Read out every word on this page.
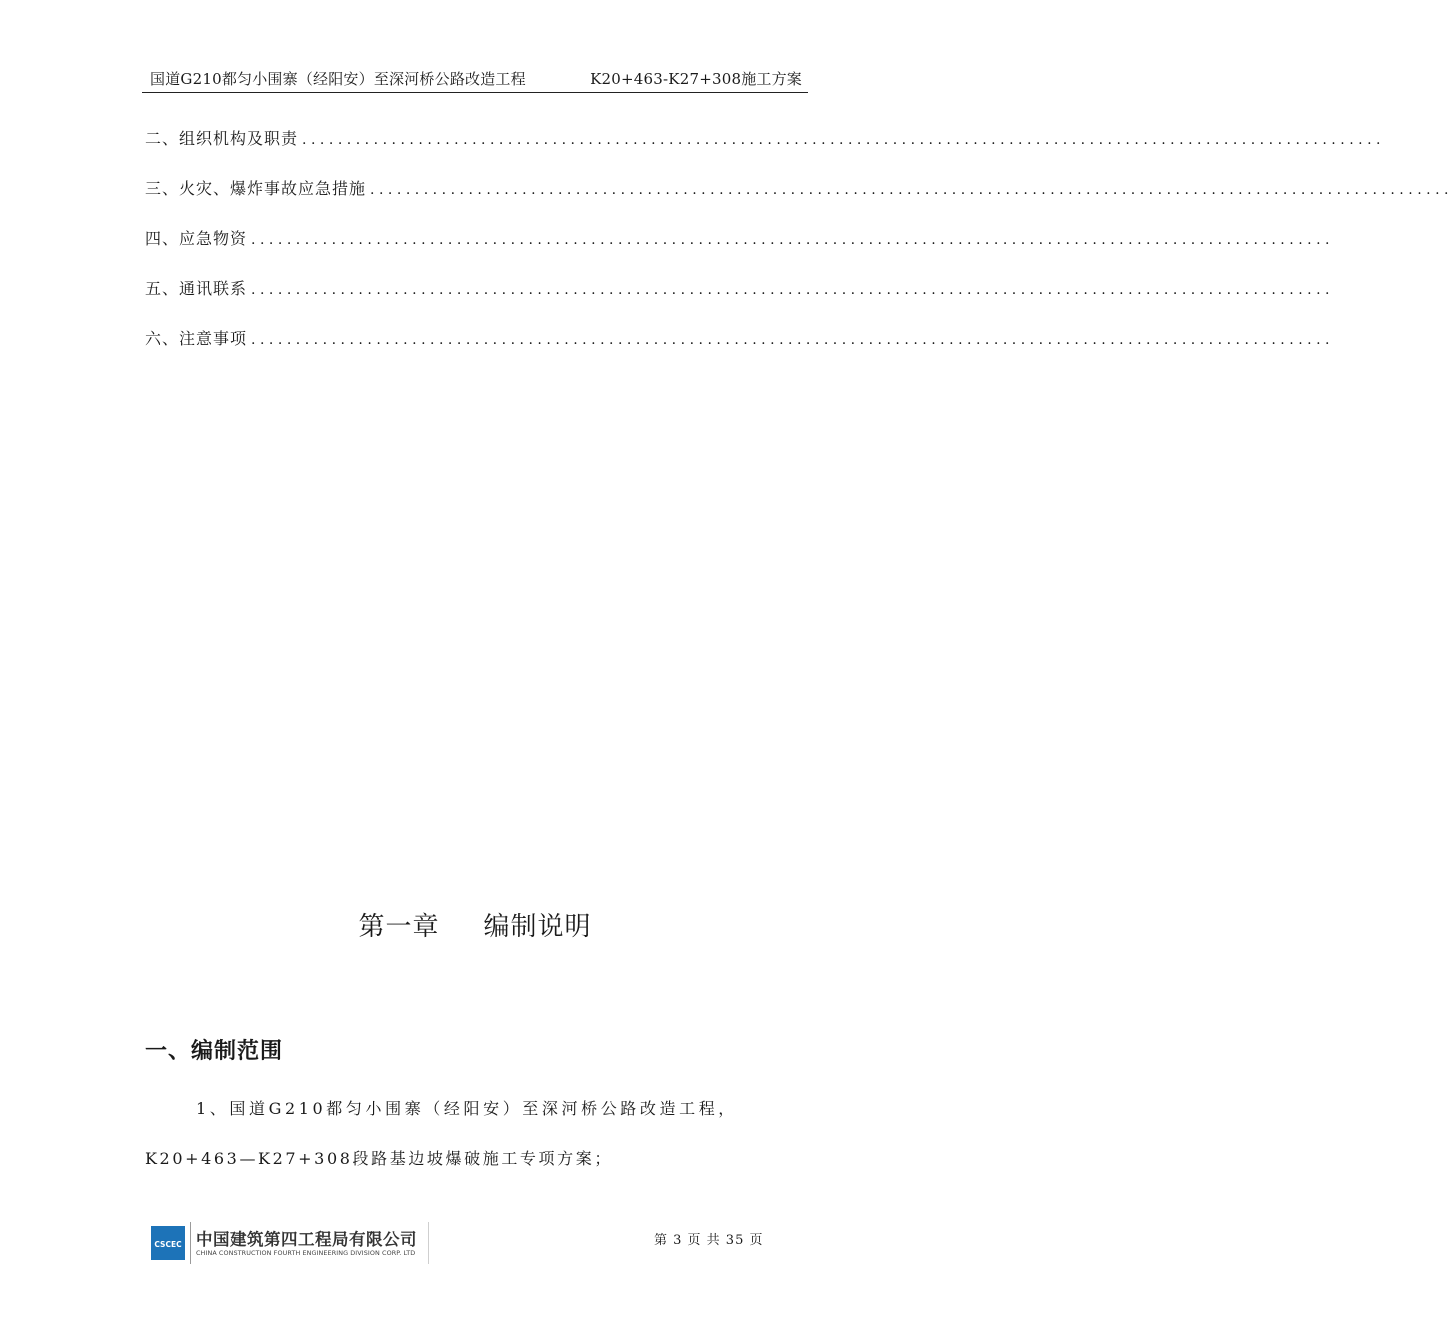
国道G210都匀小围寨（经阳安）至深河桥公路改造工程	K20+463-K27+308施工方案
二、组织机构及职责 .........................................................................................................................
三、火灾、爆炸事故应急措施 .........................................................................................................................
四、应急物资 .........................................................................................................................
五、通讯联系 .........................................................................................................................
六、注意事项 .........................................................................................................................
第一章 编制说明
一、编制范围
1、国道G210都匀小围寨（经阳安）至深河桥公路改造工程，
K20+463—K27+308段路基边坡爆破施工专项方案；
CSCEC 中国建筑第四工程局有限公司
CHINA CONSTRUCTION FOURTH ENGINEERING DIVISION CORP. LTD
第 3 页 共 35 页
